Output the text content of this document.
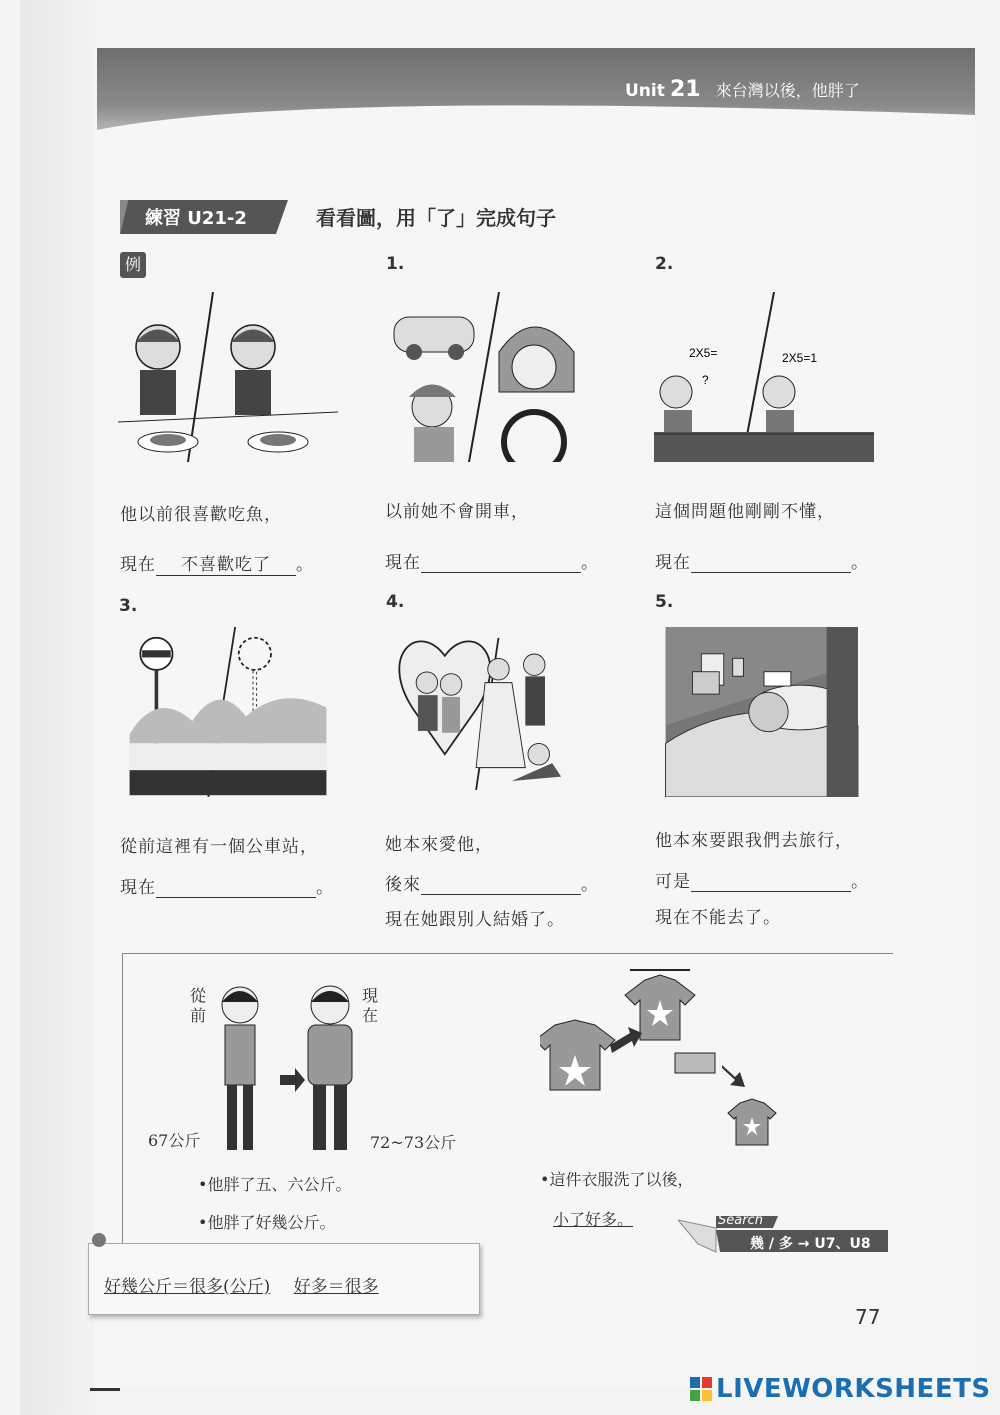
Unit 21 來台灣以後，他胖了
練習 U21-2	看看圖，用「了」完成句子
例	1.	2.
3.	4.	5.
2X5=
?
2X5=1
他以前很喜歡吃魚，
現在 不喜歡吃了 。
以前她不會開車，
現在	。
這個問題他剛剛不懂，
現在	。
從前這裡有一個公車站，
現在	。
她本來愛他，
後來	。
現在她跟別人結婚了。
他本來要跟我們去旅行，
可是	。
現在不能去了。
從前
現在
67公斤	72~73公斤
•他胖了五、六公斤。
•他胖了好幾公斤。
•這件衣服洗了以後，
小了好多。
好幾公斤＝很多(公斤) 好多＝很多
Search
幾 / 多 → U7、U8
77
LIVEWORKSHEETS
